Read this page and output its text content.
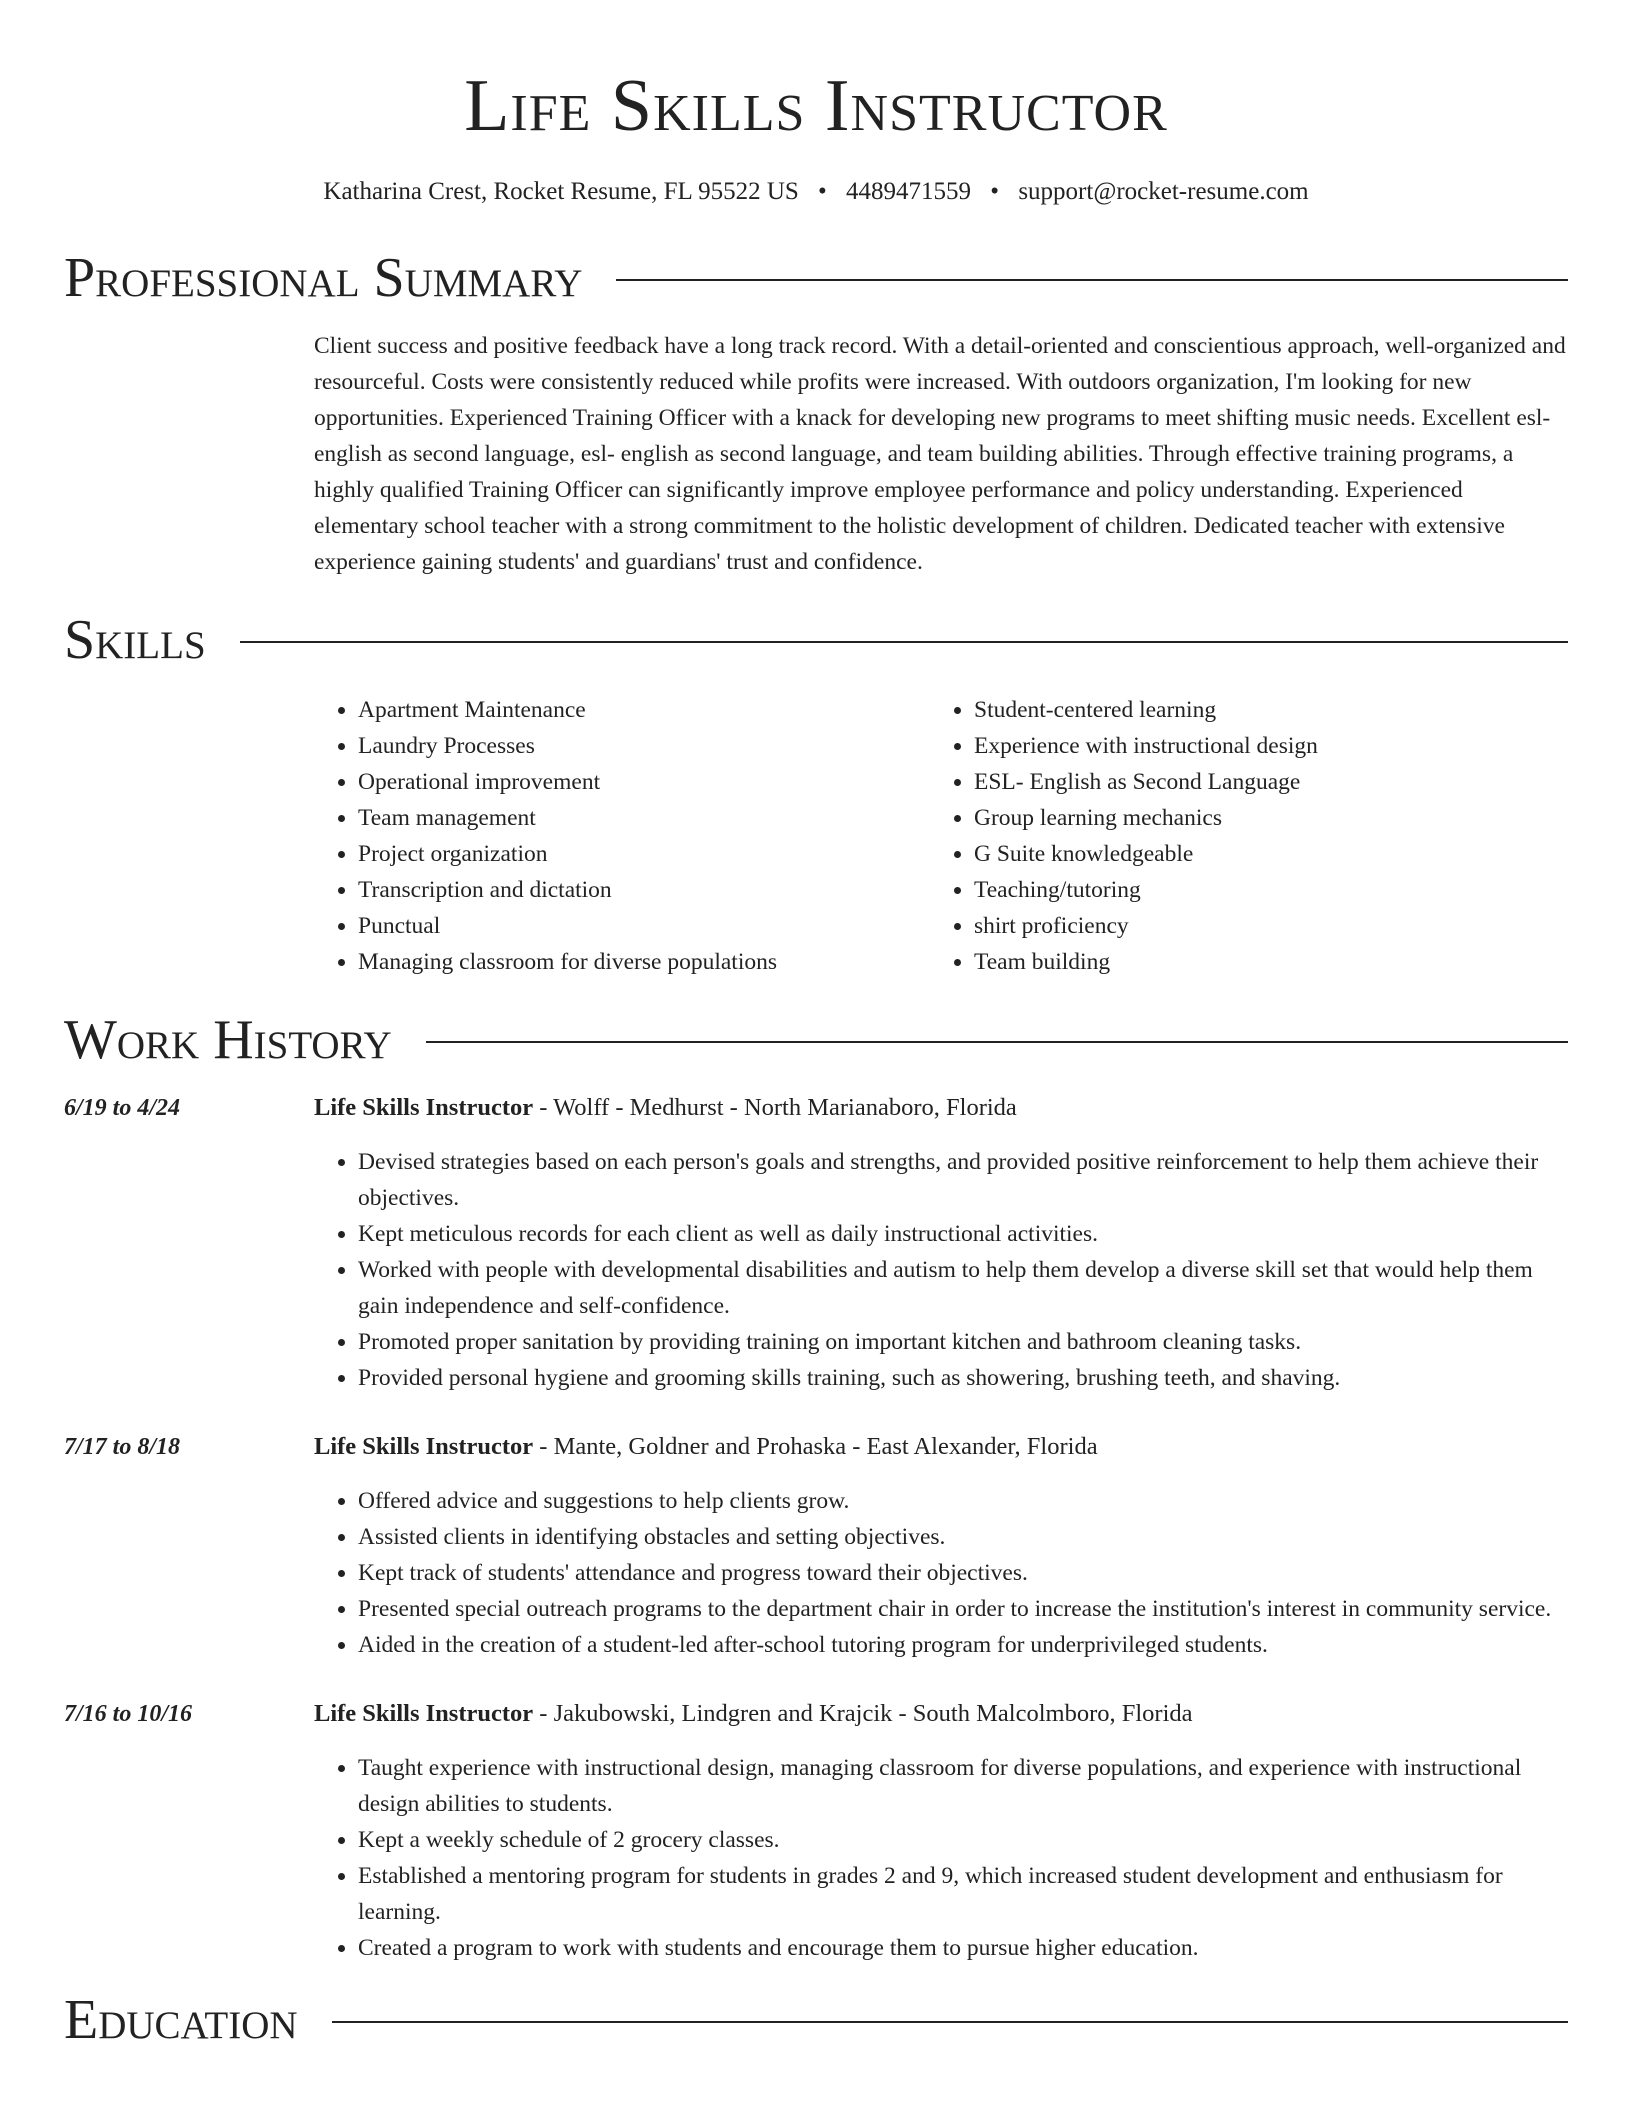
Life Skills Instructor
Katharina Crest, Rocket Resume, FL 95522 US • 4489471559 • support@rocket-resume.com
Professional Summary
Client success and positive feedback have a long track record. With a detail-oriented and conscientious approach, well-organized and resourceful. Costs were consistently reduced while profits were increased. With outdoors organization, I'm looking for new opportunities. Experienced Training Officer with a knack for developing new programs to meet shifting music needs. Excellent esl- english as second language, esl- english as second language, and team building abilities. Through effective training programs, a highly qualified Training Officer can significantly improve employee performance and policy understanding. Experienced elementary school teacher with a strong commitment to the holistic development of children. Dedicated teacher with extensive experience gaining students' and guardians' trust and confidence.
Skills
• Apartment Maintenance
• Laundry Processes
• Operational improvement
• Team management
• Project organization
• Transcription and dictation
• Punctual
• Managing classroom for diverse populations
• Student-centered learning
• Experience with instructional design
• ESL- English as Second Language
• Group learning mechanics
• G Suite knowledgeable
• Teaching/tutoring
• shirt proficiency
• Team building
Work History
6/19 to 4/24	Life Skills Instructor - Wolff - Medhurst - North Marianaboro, Florida
• Devised strategies based on each person's goals and strengths, and provided positive reinforcement to help them achieve their objectives.
• Kept meticulous records for each client as well as daily instructional activities.
• Worked with people with developmental disabilities and autism to help them develop a diverse skill set that would help them gain independence and self-confidence.
• Promoted proper sanitation by providing training on important kitchen and bathroom cleaning tasks.
• Provided personal hygiene and grooming skills training, such as showering, brushing teeth, and shaving.
7/17 to 8/18	Life Skills Instructor - Mante, Goldner and Prohaska - East Alexander, Florida
• Offered advice and suggestions to help clients grow.
• Assisted clients in identifying obstacles and setting objectives.
• Kept track of students' attendance and progress toward their objectives.
• Presented special outreach programs to the department chair in order to increase the institution's interest in community service.
• Aided in the creation of a student-led after-school tutoring program for underprivileged students.
7/16 to 10/16	Life Skills Instructor - Jakubowski, Lindgren and Krajcik - South Malcolmboro, Florida
• Taught experience with instructional design, managing classroom for diverse populations, and experience with instructional design abilities to students.
• Kept a weekly schedule of 2 grocery classes.
• Established a mentoring program for students in grades 2 and 9, which increased student development and enthusiasm for learning.
• Created a program to work with students and encourage them to pursue higher education.
Education
